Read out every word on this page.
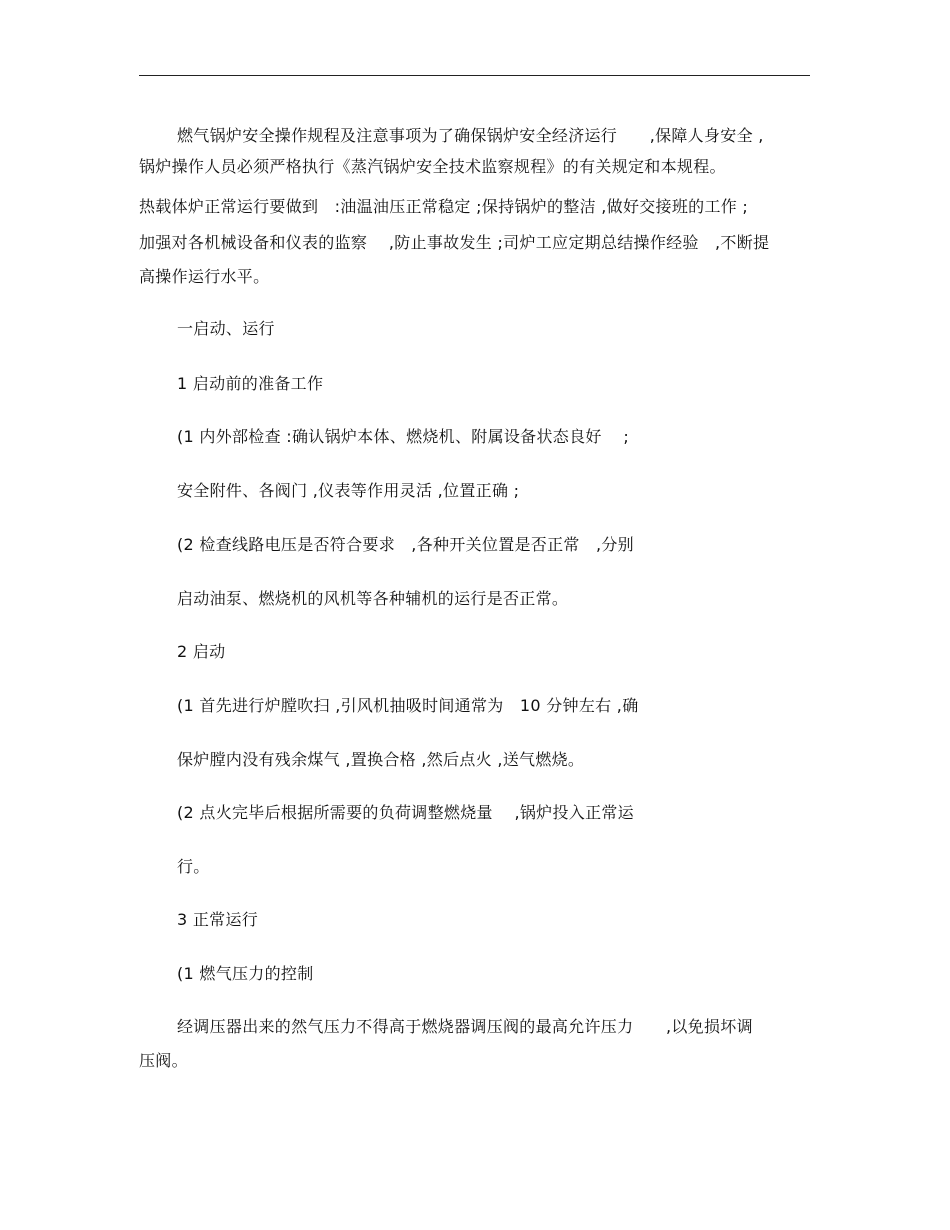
燃气锅炉安全操作规程及注意事项为了确保锅炉安全经济运行　　,保障人身安全 ,
锅炉操作人员必须严格执行《蒸汽锅炉安全技术监察规程》的有关规定和本规程。
热载体炉正常运行要做到　:油温油压正常稳定 ;保持锅炉的整洁 ,做好交接班的工作 ;
加强对各机械设备和仪表的监察　 ,防止事故发生 ;司炉工应定期总结操作经验　,不断提
高操作运行水平。
一启动、运行
1 启动前的准备工作
(1 内外部检查 :确认锅炉本体、燃烧机、附属设备状态良好　 ;
安全附件、各阀门 ,仪表等作用灵活 ,位置正确 ;
(2 检查线路电压是否符合要求　,各种开关位置是否正常　,分别
启动油泵、燃烧机的风机等各种辅机的运行是否正常。
2 启动
(1 首先进行炉膛吹扫 ,引风机抽吸时间通常为　10 分钟左右 ,确
保炉膛内没有残余煤气 ,置换合格 ,然后点火 ,送气燃烧。
(2 点火完毕后根据所需要的负荷调整燃烧量　 ,锅炉投入正常运
行。
3 正常运行
(1 燃气压力的控制
经调压器出来的然气压力不得高于燃烧器调压阀的最高允许压力　　,以免损坏调
压阀。
